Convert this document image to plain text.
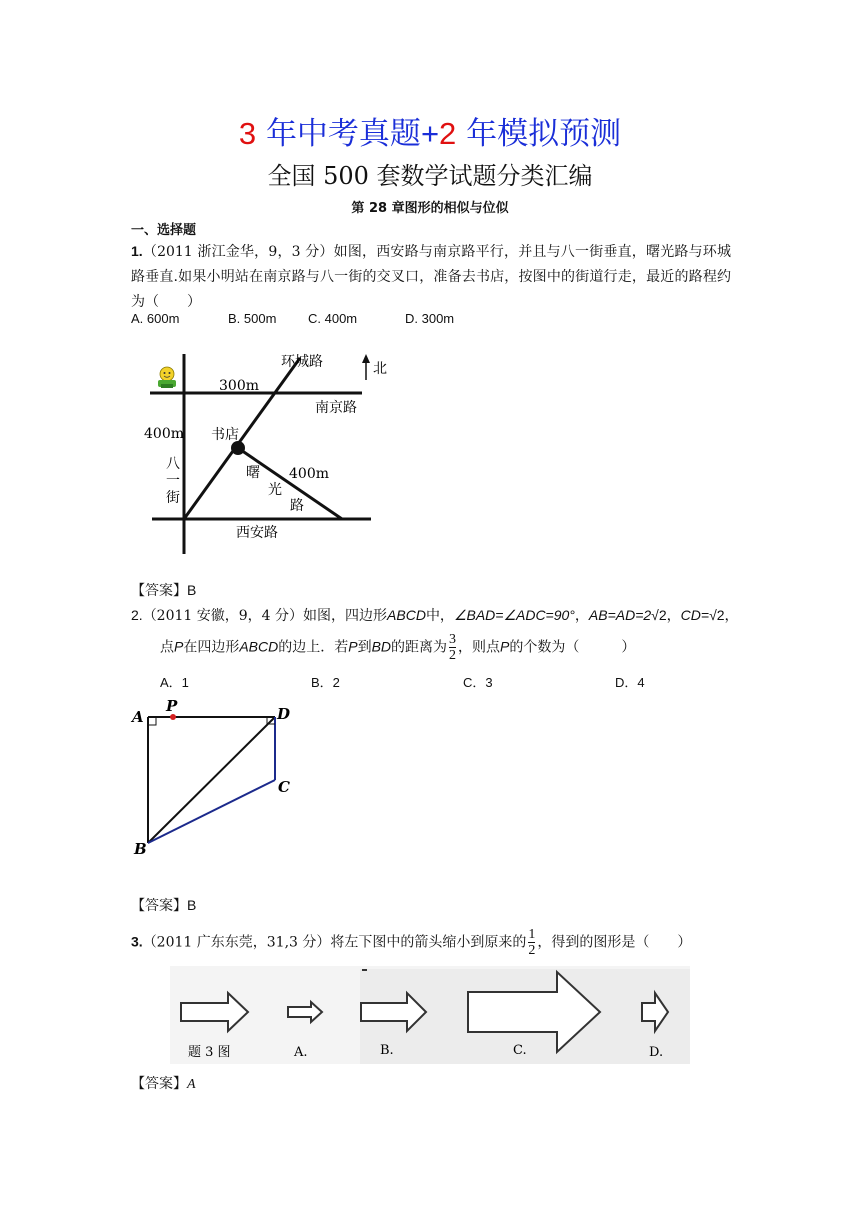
3 年中考真题+2 年模拟预测
全国 500 套数学试题分类汇编
第 28 章图形的相似与位似
一、选择题
1.（2011 浙江金华，9，3 分）如图，西安路与南京路平行，并且与八一街垂直，曙光路与环城路垂直.如果小明站在南京路与八一街的交叉口，准备去书店，按图中的街道行走，最近的路程约为（　　）
A. 600m	B. 500m C. 400m	D. 300m
北
环城路
300m
南京路
400m 书店
八
一
街
曙
光
路
400m
西安路
【答案】B
2.（2011 安徽，9，4 分）如图，四边形ABCD中，∠BAD=∠ADC=90°，AB=AD=2√2，CD=√2，
点P在四边形ABCD的边上．若P到BD的距离为 $\frac{3}{2}$ ，则点P的个数为（　　　）
A．1	B．2	C．3	D．4
A
P	D
C
B
【答案】B
3.（2011 广东东莞，31,3 分）将左下图中的箭头缩小到原来的 $\frac{1}{2}$ ，得到的图形是（　　）
题 3 图	A.	B.	C.	D.
【答案】A
